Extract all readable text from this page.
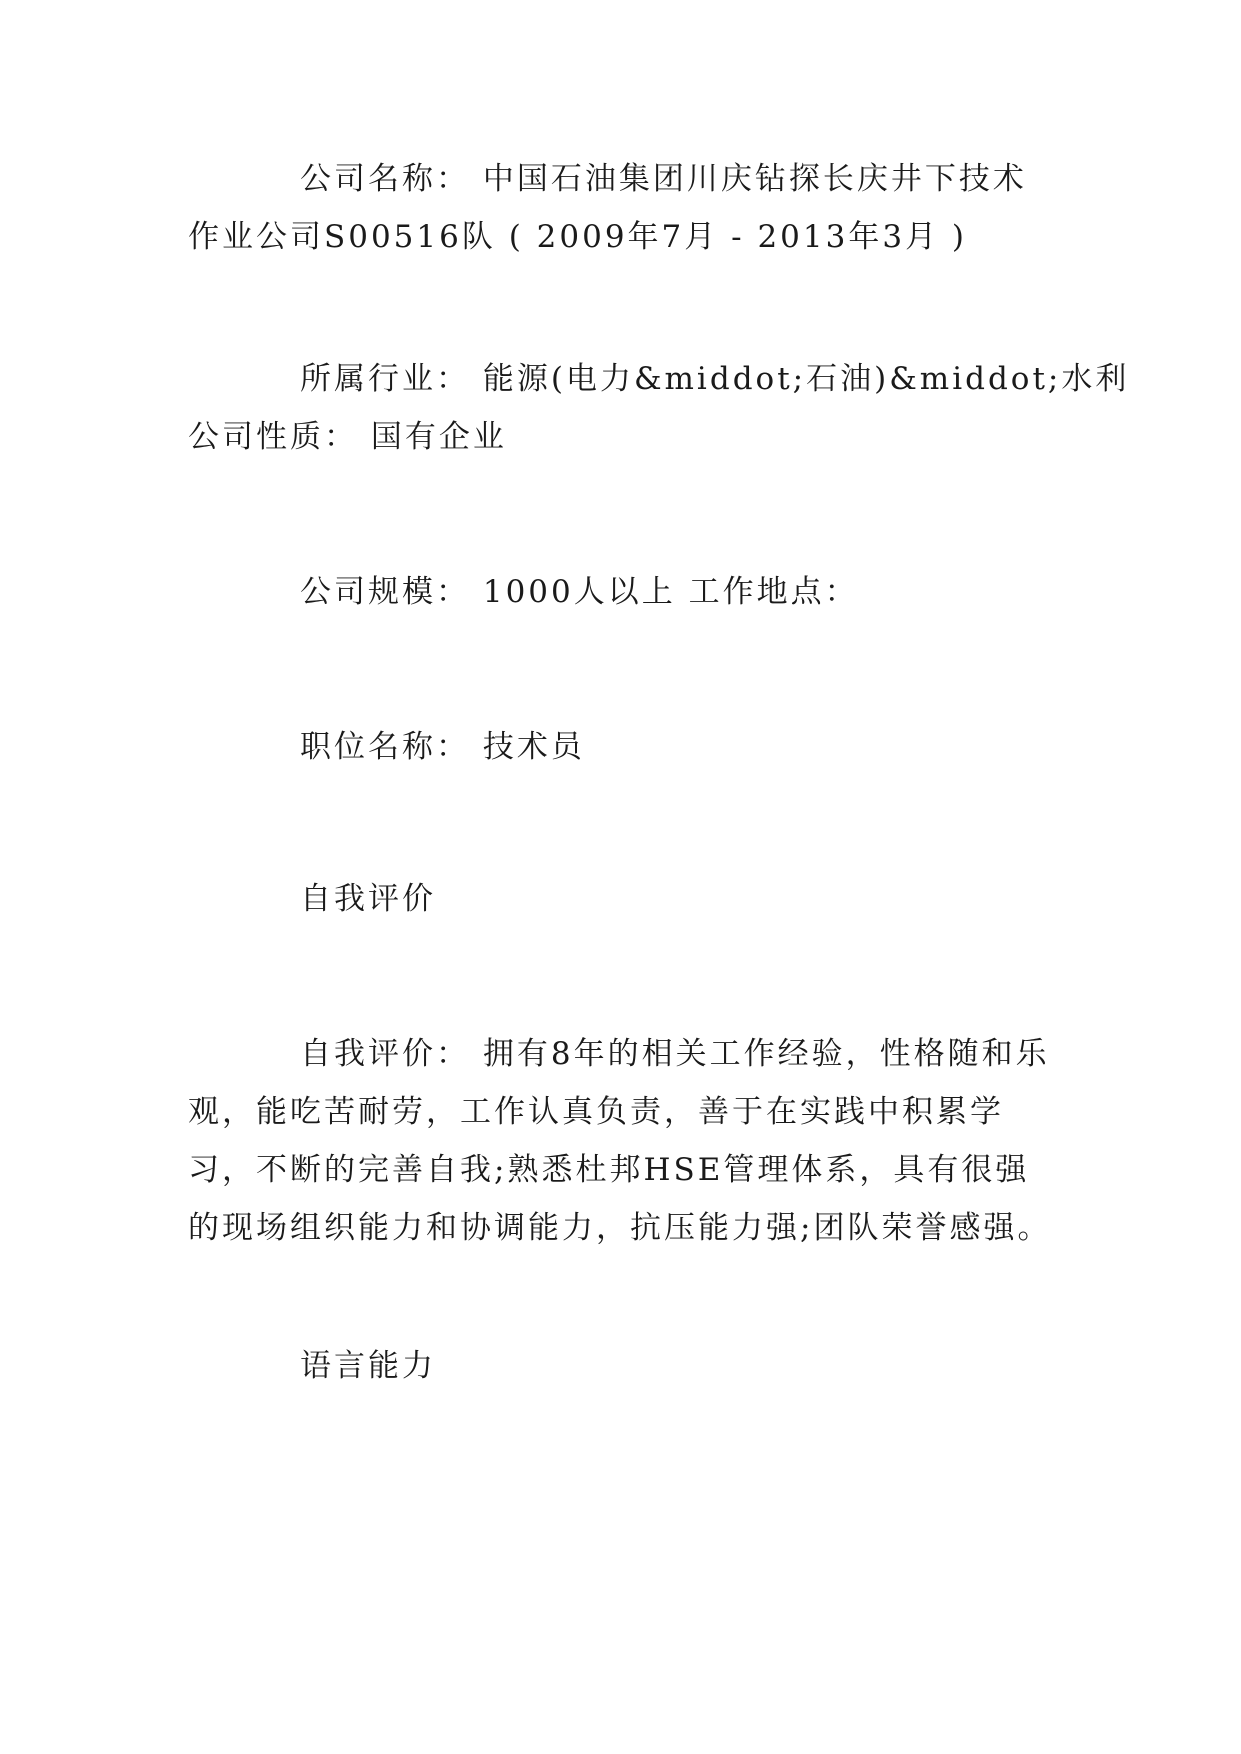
公司名称： 中国石油集团川庆钻探长庆井下技术作业公司S00516队 ( 2009年7月 - 2013年3月 )

所属行业： 能源(电力&middot;石油)&middot;水利

公司性质： 国有企业

公司规模： 1000人以上 工作地点：

职位名称： 技术员

自我评价

自我评价： 拥有8年的相关工作经验，性格随和乐观，能吃苦耐劳，工作认真负责，善于在实践中积累学习，不断的完善自我;熟悉杜邦HSE管理体系，具有很强的现场组织能力和协调能力，抗压能力强;团队荣誉感强。

语言能力
